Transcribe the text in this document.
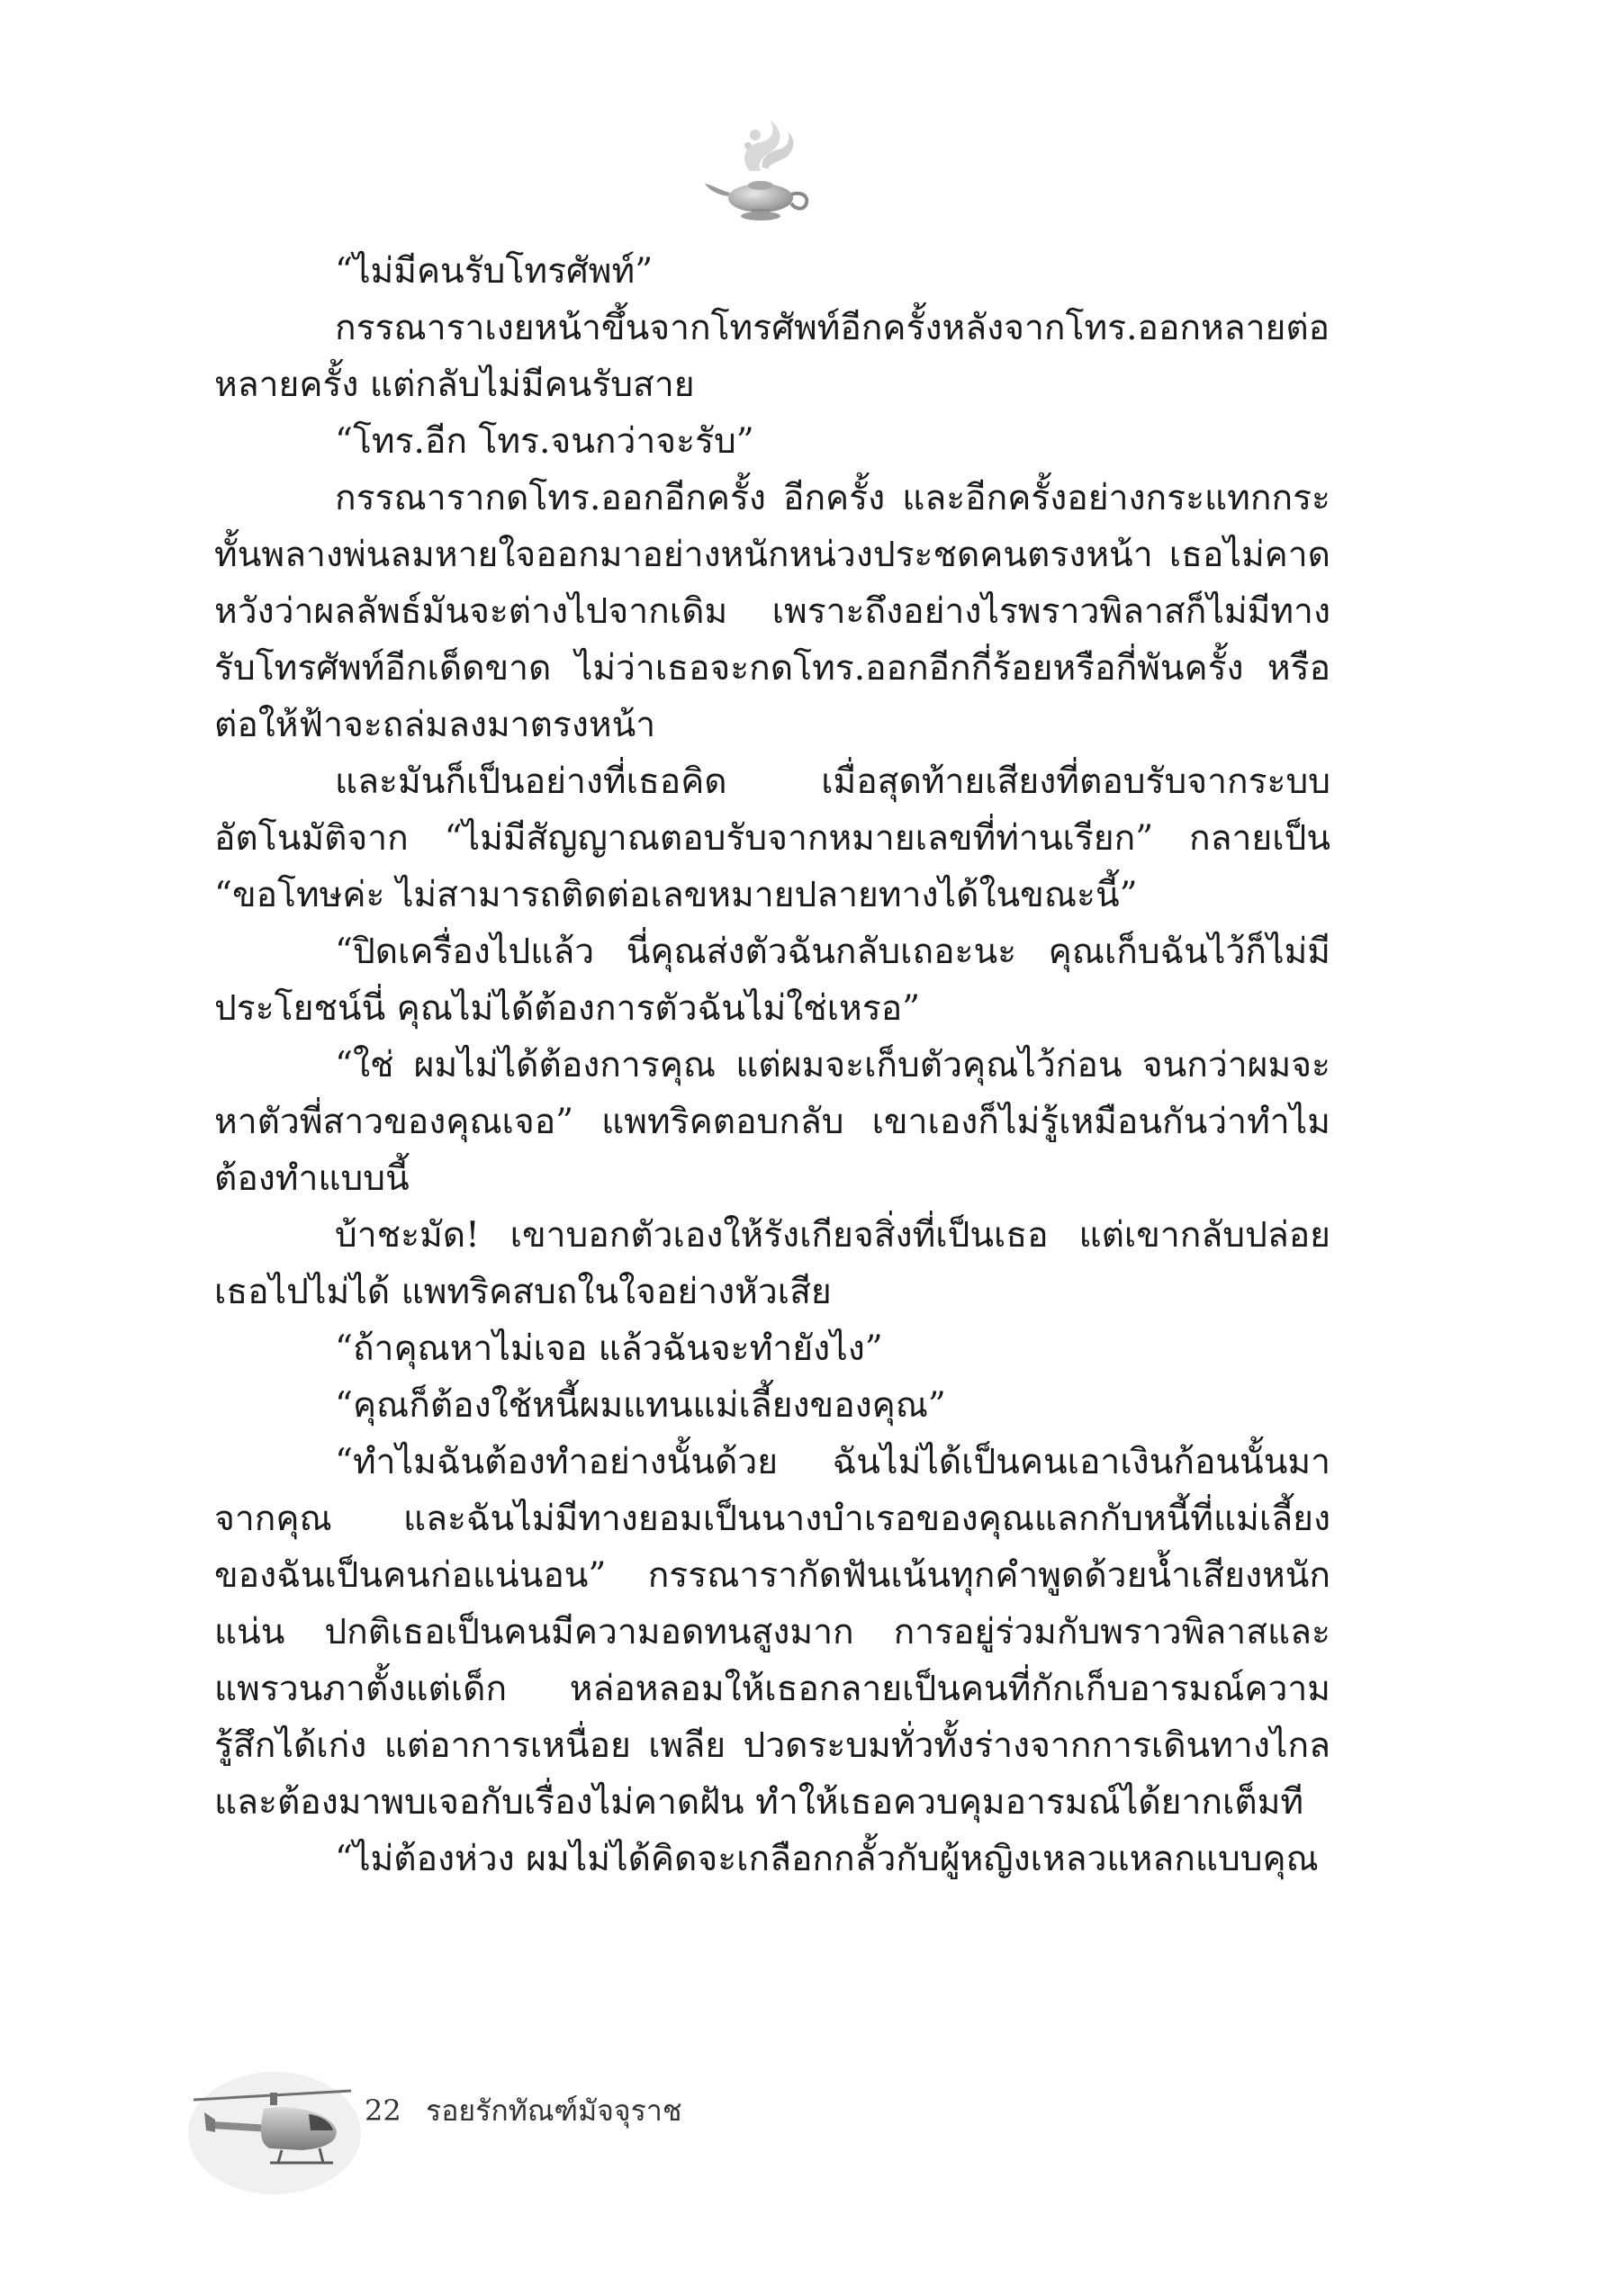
“ไม่มีคนรับโทรศัพท์”

กรรณาราเงยหน้าขึ้นจากโทรศัพท์อีกครั้งหลังจากโทร.ออกหลายต่อหลายครั้ง แต่กลับไม่มีคนรับสาย

“โทร.อีก โทร.จนกว่าจะรับ”

กรรณารากดโทร.ออกอีกครั้ง อีกครั้ง และอีกครั้งอย่างกระแทกกระทั้นพลางพ่นลมหายใจออกมาอย่างหนักหน่วงประชดคนตรงหน้า เธอไม่คาดหวังว่าผลลัพธ์มันจะต่างไปจากเดิม เพราะถึงอย่างไรพราวพิลาสก็ไม่มีทางรับโทรศัพท์อีกเด็ดขาด ไม่ว่าเธอจะกดโทร.ออกอีกกี่ร้อยหรือกี่พันครั้ง หรือต่อให้ฟ้าจะถล่มลงมาตรงหน้า

และมันก็เป็นอย่างที่เธอคิด เมื่อสุดท้ายเสียงที่ตอบรับจากระบบอัตโนมัติจาก “ไม่มีสัญญาณตอบรับจากหมายเลขที่ท่านเรียก” กลายเป็น “ขอโทษค่ะ ไม่สามารถติดต่อเลขหมายปลายทางได้ในขณะนี้”

“ปิดเครื่องไปแล้ว นี่คุณส่งตัวฉันกลับเถอะนะ คุณเก็บฉันไว้ก็ไม่มีประโยชน์นี่ คุณไม่ได้ต้องการตัวฉันไม่ใช่เหรอ”

“ใช่ ผมไม่ได้ต้องการคุณ แต่ผมจะเก็บตัวคุณไว้ก่อน จนกว่าผมจะหาตัวพี่สาวของคุณเจอ” แพทริคตอบกลับ เขาเองก็ไม่รู้เหมือนกันว่าทำไมต้องทำแบบนี้

บ้าชะมัด! เขาบอกตัวเองให้รังเกียจสิ่งที่เป็นเธอ แต่เขากลับปล่อยเธอไปไม่ได้ แพทริคสบถในใจอย่างหัวเสีย

“ถ้าคุณหาไม่เจอ แล้วฉันจะทำยังไง”

“คุณก็ต้องใช้หนี้ผมแทนแม่เลี้ยงของคุณ”

“ทำไมฉันต้องทำอย่างนั้นด้วย ฉันไม่ได้เป็นคนเอาเงินก้อนนั้นมาจากคุณ และฉันไม่มีทางยอมเป็นนางบำเรอของคุณแลกกับหนี้ที่แม่เลี้ยงของฉันเป็นคนก่อแน่นอน” กรรณารากัดฟันเน้นทุกคำพูดด้วยน้ำเสียงหนักแน่น ปกติเธอเป็นคนมีความอดทนสูงมาก การอยู่ร่วมกับพราวพิลาสและแพรวนภาตั้งแต่เด็ก หล่อหลอมให้เธอกลายเป็นคนที่กักเก็บอารมณ์ความรู้สึกได้เก่ง แต่อาการเหนื่อย เพลีย ปวดระบมทั่วทั้งร่างจากการเดินทางไกล และต้องมาพบเจอกับเรื่องไม่คาดฝัน ทำให้เธอควบคุมอารมณ์ได้ยากเต็มที

“ไม่ต้องห่วง ผมไม่ได้คิดจะเกลือกกลั้วกับผู้หญิงเหลวแหลกแบบคุณ

22 รอยรักทัณฑ์มัจจุราช
